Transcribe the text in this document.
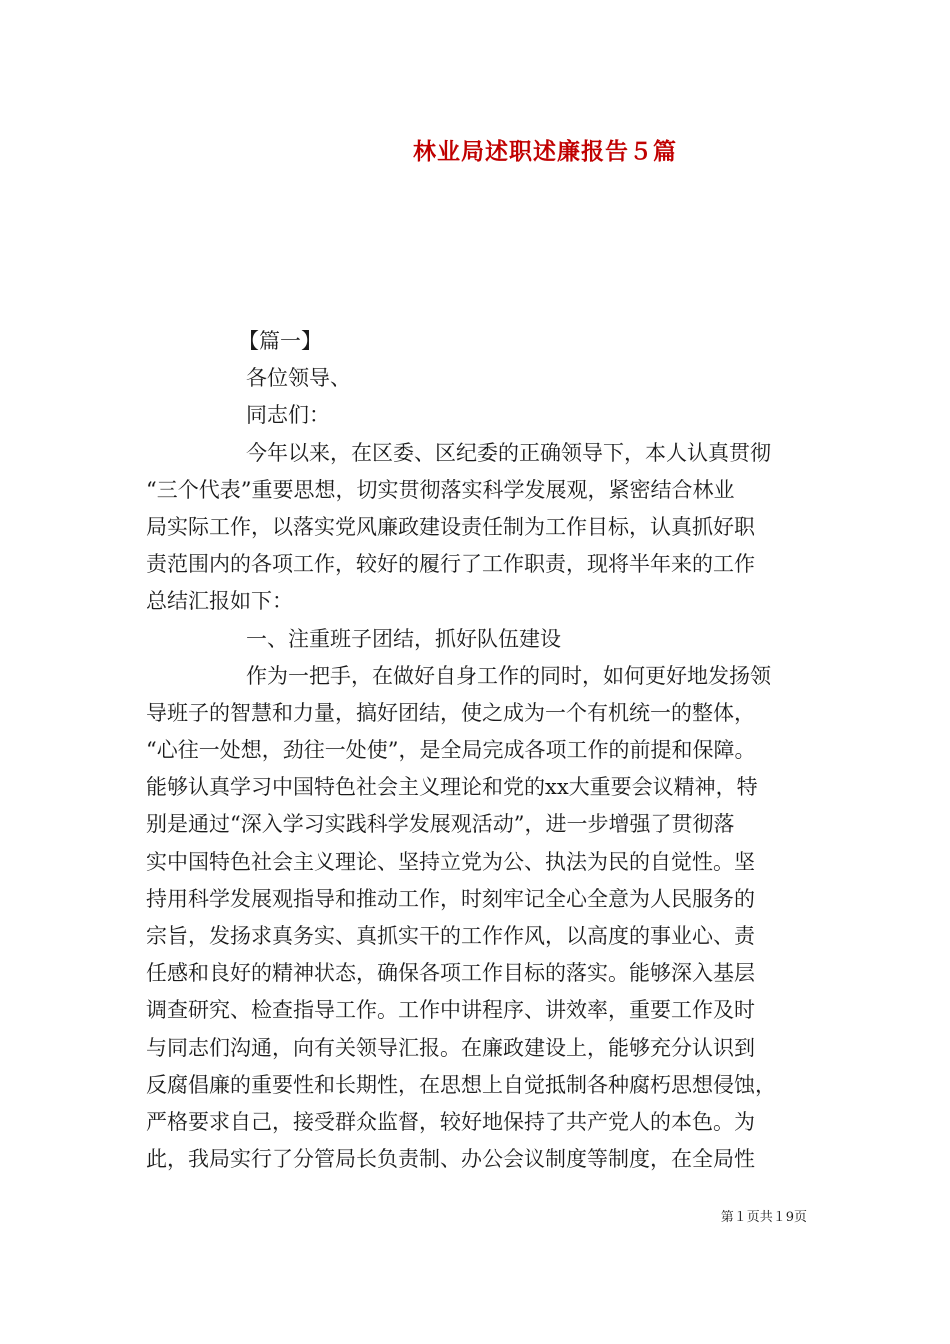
林业局述职述廉报告５篇
【篇一】
各位领导、
同志们：
今年以来，在区委、区纪委的正确领导下，本人认真贯彻
“三个代表”重要思想，切实贯彻落实科学发展观，紧密结合林业
局实际工作，以落实党风廉政建设责任制为工作目标，认真抓好职
责范围内的各项工作，较好的履行了工作职责，现将半年来的工作
总结汇报如下：
一、注重班子团结，抓好队伍建设
作为一把手，在做好自身工作的同时，如何更好地发扬领
导班子的智慧和力量，搞好团结，使之成为一个有机统一的整体，
“心往一处想，劲往一处使”，是全局完成各项工作的前提和保障。
能够认真学习中国特色社会主义理论和党的xx大重要会议精神，特
别是通过“深入学习实践科学发展观活动”，进一步增强了贯彻落
实中国特色社会主义理论、坚持立党为公、执法为民的自觉性。坚
持用科学发展观指导和推动工作，时刻牢记全心全意为人民服务的
宗旨，发扬求真务实、真抓实干的工作作风，以高度的事业心、责
任感和良好的精神状态，确保各项工作目标的落实。能够深入基层
调查研究、检查指导工作。工作中讲程序、讲效率，重要工作及时
与同志们沟通，向有关领导汇报。在廉政建设上，能够充分认识到
反腐倡廉的重要性和长期性，在思想上自觉抵制各种腐朽思想侵蚀，
严格要求自己，接受群众监督，较好地保持了共产党人的本色。为
此，我局实行了分管局长负责制、办公会议制度等制度，在全局性
第１页共１9页
